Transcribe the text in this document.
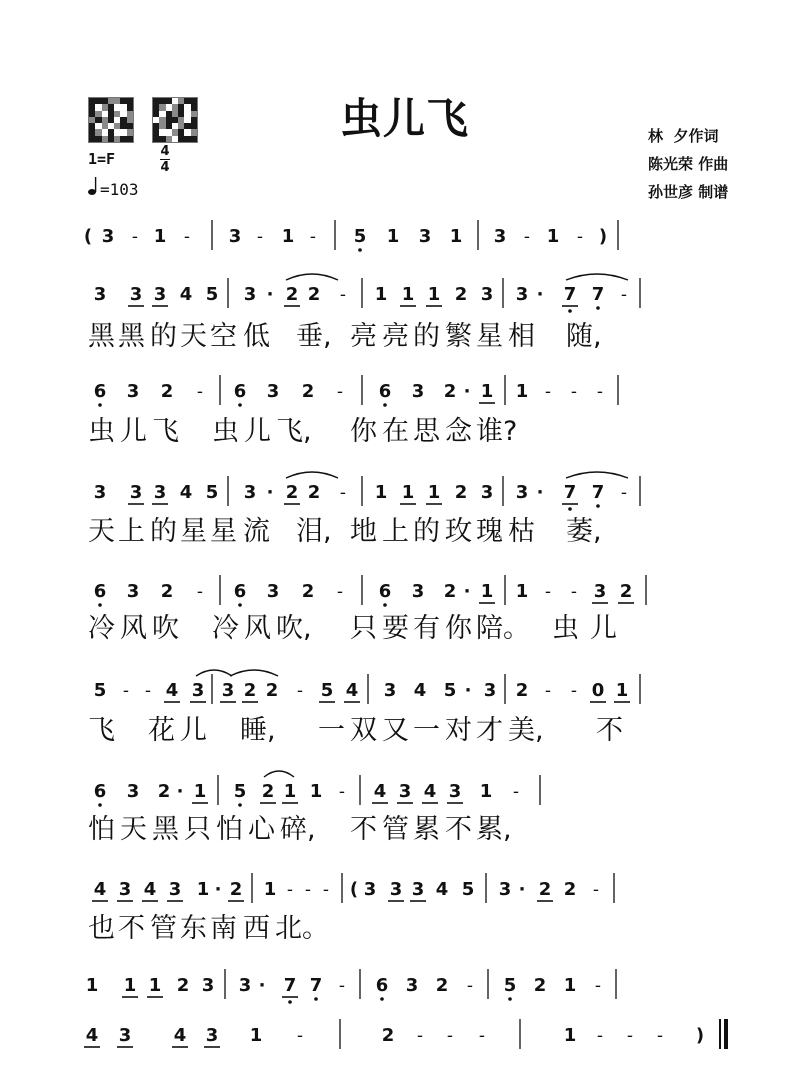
虫儿飞
1=F	4
4
=103
林  夕作词
陈光荣 作曲
孙世彦 制谱
( 3 - 1 - 3 - 1 - 5 1 3 1 3 - 1 - )
3 3 3 4 5 3 · 2 2 - 1 1 1 2 3 3 · 7 7 -
黑 黑 的 天 空 低 垂, 亮 亮 的 繁 星 相 随,
6 3 2 - 6 3 2 - 6 3 2 · 1 1 - - -
虫 儿 飞 虫 儿 飞, 你 在 思 念 谁?
3 3 3 4 5 3 · 2 2 - 1 1 1 2 3 3 · 7 7 -
天 上 的 星 星 流 泪, 地 上 的 玫 瑰 枯 萎,
6 3 2 - 6 3 2 - 6 3 2 · 1 1 - - 3 2
冷 风 吹 冷 风 吹, 只 要 有 你 陪。 虫 儿
5 - - 4 3 3 2 2 - 5 4 3 4 5 · 3 2 - - 0 1
飞 花 儿 睡, 一 双 又 一 对 才 美, 不
6 3 2 · 1 5 2 1 1 - 4 3 4 3 1 -
怕 天 黑 只 怕 心 碎, 不 管 累 不 累,
4 3 4 3 1 · 2 1 - - - ( 3 3 3 4 5 3 · 2 2 -
也 不 管 东 南 西 北。
1 1 1 2 3 3 · 7 7 - 6 3 2 - 5 2 1 -
4 3 4 3 1 -	2 - - -	1 - - - )
